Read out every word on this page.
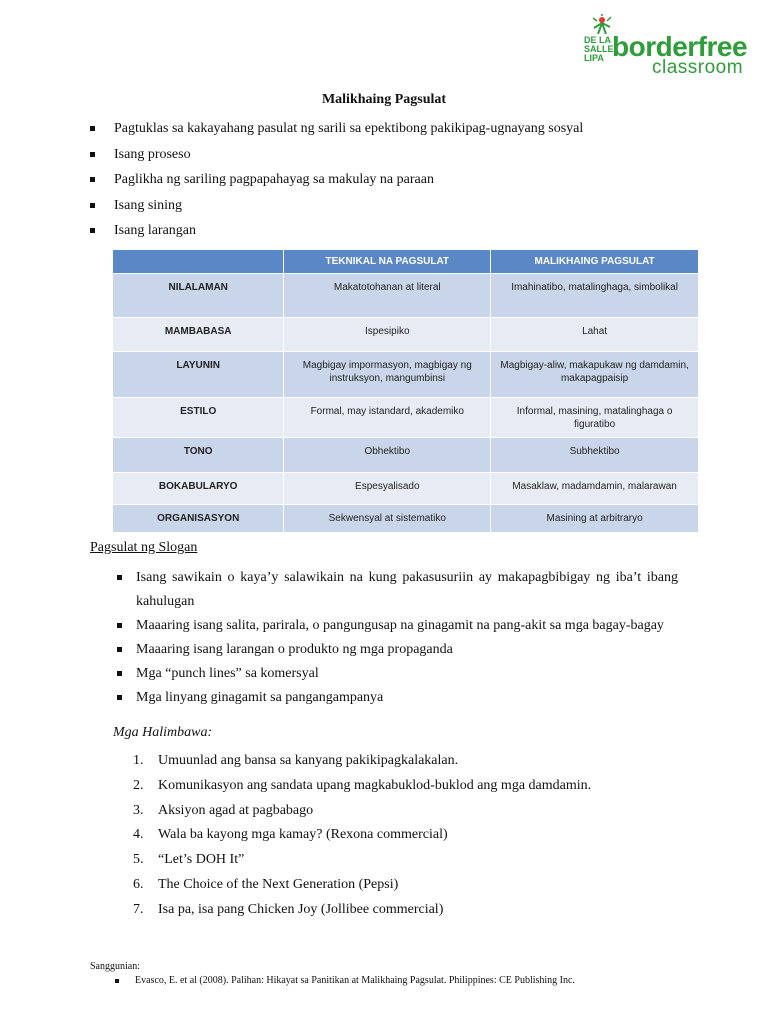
DE LA
SALLE
LIPA borderfree
classroom
Malikhaing Pagsulat
Pagtuklas sa kakayahang pasulat ng sarili sa epektibong pakikipag-ugnayang sosyal
Isang proseso
Paglikha ng sariling pagpapahayag sa makulay na paraan
Isang sining
Isang larangan
	TEKNIKAL NA PAGSULAT	MALIKHAING PAGSULAT
NILALAMAN	Makatotohanan at literal	Imahinatibo, matalinghaga, simbolikal
MAMBABASA	Ispesipiko	Lahat
LAYUNIN	Magbigay impormasyon, magbigay ng instruksyon, mangumbinsi	Magbigay-aliw, makapukaw ng damdamin, makapagpaisip
ESTILO	Formal, may istandard, akademiko	Informal, masining, matalinghaga o figuratibo
TONO	Obhektibo	Subhektibo
BOKABULARYO	Espesyalisado	Masaklaw, madamdamin, malarawan
ORGANISASYON	Sekwensyal at sistematiko	Masining at arbitraryo
Pagsulat ng Slogan
Isang sawikain o kaya’y salawikain na kung pakasusuriin ay makapagbibigay ng iba’t ibang kahulugan
Maaaring isang salita, parirala, o pangungusap na ginagamit na pang-akit sa mga bagay-bagay
Maaaring isang larangan o produkto ng mga propaganda
Mga “punch lines” sa komersyal
Mga linyang ginagamit sa pangangampanya
Mga Halimbawa:
1.	Umuunlad ang bansa sa kanyang pakikipagkalakalan.
2.	Komunikasyon ang sandata upang magkabuklod-buklod ang mga damdamin.
3.	Aksiyon agad at pagbabago
4.	Wala ba kayong mga kamay? (Rexona commercial)
5.	“Let’s DOH It”
6.	The Choice of the Next Generation (Pepsi)
7.	Isa pa, isa pang Chicken Joy (Jollibee commercial)
Sanggunian:
Evasco, E. et al (2008). Palihan: Hikayat sa Panitikan at Malikhaing Pagsulat. Philippines: CE Publishing Inc.
